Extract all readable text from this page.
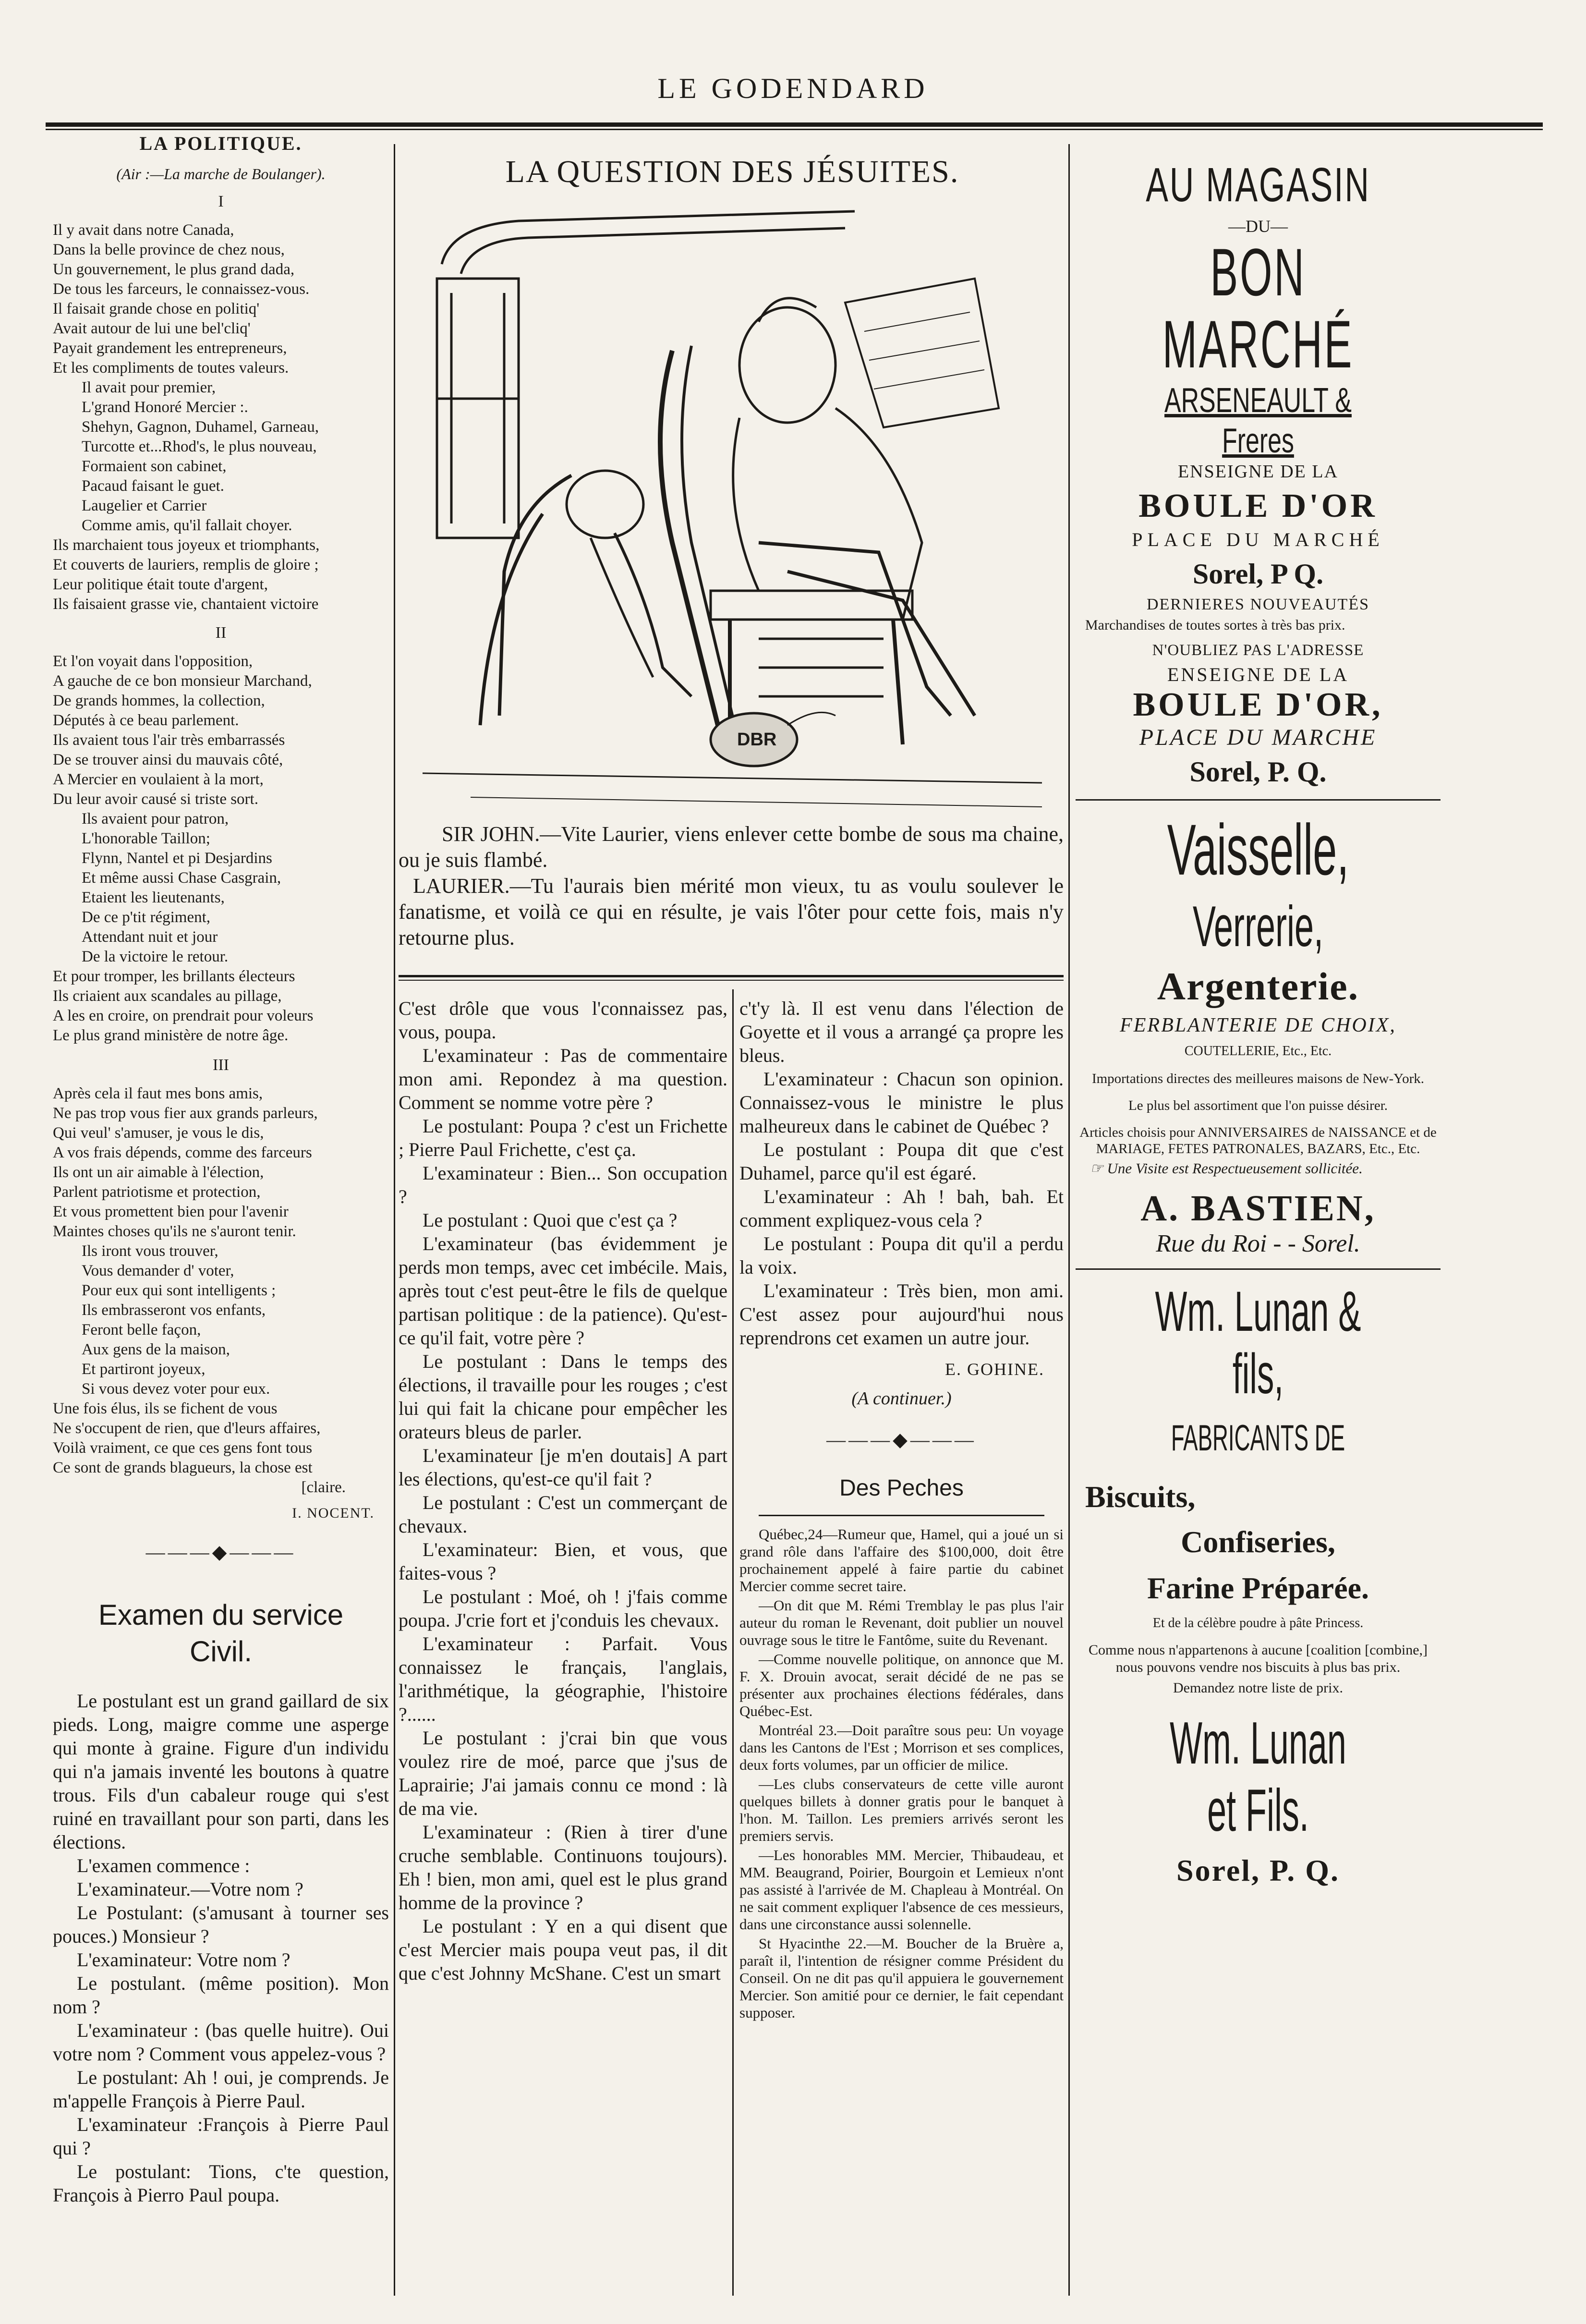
LE GODENDARD
LA POLITIQUE.
(Air :—La marche de Boulanger).
I

Il y avait dans notre Canada,

Dans la belle province de chez nous,

Un gouvernement, le plus grand dada,

De tous les farceurs, le connaissez-vous.

Il faisait grande chose en politiq'

Avait autour de lui une bel'cliq'

Payait grandement les entrepreneurs,

Et les compliments de toutes valeurs.

Il avait pour premier,

L'grand Honoré Mercier :.

Shehyn, Gagnon, Duhamel, Garneau,

Turcotte et...Rhod's, le plus nouveau,

Formaient son cabinet,

Pacaud faisant le guet.

Laugelier et Carrier

Comme amis, qu'il fallait choyer.

Ils marchaient tous joyeux et triomphants,

Et couverts de lauriers, remplis de gloire ;

Leur politique était toute d'argent,

Ils faisaient grasse vie, chantaient victoire

II

Et l'on voyait dans l'opposition,

A gauche de ce bon monsieur Marchand,

De grands hommes, la collection,

Députés à ce beau parlement.

Ils avaient tous l'air très embarrassés

De se trouver ainsi du mauvais côté,

A Mercier en voulaient à la mort,

Du leur avoir causé si triste sort.

Ils avaient pour patron,

L'honorable Taillon;

Flynn, Nantel et pi Desjardins

Et même aussi Chase Casgrain,

Etaient les lieutenants,

De ce p'tit régiment,

Attendant nuit et jour

De la victoire le retour.

Et pour tromper, les brillants électeurs

Ils criaient aux scandales au pillage,

A les en croire, on prendrait pour voleurs

Le plus grand ministère de notre âge.

III

Après cela il faut mes bons amis,

Ne pas trop vous fier aux grands parleurs,

Qui veul' s'amuser, je vous le dis,

A vos frais dépends, comme des farceurs

Ils ont un air aimable à l'élection,

Parlent patriotisme et protection,

Et vous promettent bien pour l'avenir

Maintes choses qu'ils ne s'auront tenir.

Ils iront vous trouver,

Vous demander d' voter,

Pour eux qui sont intelligents ;

Ils embrasseront vos enfants,

Feront belle façon,

Aux gens de la maison,

Et partiront joyeux,

Si vous devez voter pour eux.

Une fois élus, ils se fichent de vous

Ne s'occupent de rien, que d'leurs affaires,

Voilà vraiment, ce que ces gens font tous

Ce sont de grands blagueurs, la chose est

[claire.

I. NOCENT.
———◆———
Examen du service
Civil.

Le postulant est un grand gaillard de six pieds. Long, maigre comme une asperge qui monte à graine. Figure d'un individu qui n'a jamais inventé les boutons à quatre trous. Fils d'un cabaleur rouge qui s'est ruiné en travaillant pour son parti, dans les élections.

L'examen commence :

L'examinateur.—Votre nom ?

Le Postulant: (s'amusant à tourner ses pouces.) Monsieur ?

L'examinateur: Votre nom ?

Le postulant. (même position). Mon nom ?

L'examinateur : (bas quelle huitre). Oui votre nom ? Comment vous appelez-vous ?

Le postulant: Ah ! oui, je comprends. Je m'appelle François à Pierre Paul.

L'examinateur :François à Pierre Paul qui ?

Le postulant: Tions, c'te question, François à Pierro Paul poupa.

LA QUESTION DES JÉSUITES.
DBR

SIR JOHN.—Vite Laurier, viens enlever cette bombe de sous ma chaine, ou je suis flambé.

LAURIER.—Tu l'aurais bien mérité mon vieux, tu as voulu soulever le fanatisme, et voilà ce qui en résulte, je vais l'ôter pour cette fois, mais n'y retourne plus.

C'est drôle que vous l'connaissez pas, vous, poupa.

L'examinateur : Pas de commentaire mon ami. Repondez à ma question. Comment se nomme votre père ?

Le postulant: Poupa ? c'est un Frichette ; Pierre Paul Frichette, c'est ça.

L'examinateur : Bien... Son occupation ?

Le postulant : Quoi que c'est ça ?

L'examinateur (bas évidemment je perds mon temps, avec cet imbécile. Mais, après tout c'est peut-être le fils de quelque partisan politique : de la patience). Qu'est-ce qu'il fait, votre père ?

Le postulant : Dans le temps des élections, il travaille pour les rouges ; c'est lui qui fait la chicane pour empêcher les orateurs bleus de parler.

L'examinateur [je m'en doutais] A part les élections, qu'est-ce qu'il fait ?

Le postulant : C'est un commerçant de chevaux.

L'examinateur: Bien, et vous, que faites-vous ?

Le postulant : Moé, oh ! j'fais comme poupa. J'crie fort et j'conduis les chevaux.

L'examinateur : Parfait. Vous connaissez le français, l'anglais, l'arithmétique, la géographie, l'histoire ?......

Le postulant : j'crai bin que vous voulez rire de moé, parce que j'sus de Laprairie; J'ai jamais connu ce mond : là de ma vie.

L'examinateur : (Rien à tirer d'une cruche semblable. Continuons toujours). Eh ! bien, mon ami, quel est le plus grand homme de la province ?

Le postulant : Y en a qui disent que c'est Mercier mais poupa veut pas, il dit que c'est Johnny McShane. C'est un smart

c't'y là. Il est venu dans l'élection de Goyette et il vous a arrangé ça propre les bleus.

L'examinateur : Chacun son opinion. Connaissez-vous le ministre le plus malheureux dans le cabinet de Québec ?

Le postulant : Poupa dit que c'est Duhamel, parce qu'il est égaré.

L'examinateur : Ah ! bah, bah. Et comment expliquez-vous cela ?

Le postulant : Poupa dit qu'il a perdu la voix.

L'examinateur : Très bien, mon ami. C'est assez pour aujourd'hui nous reprendrons cet examen un autre jour.

E. GOHINE.
(A continuer.)
———◆———
Des Peches

Québec,24—Rumeur que, Hamel, qui a joué un si grand rôle dans l'affaire des $100,000, doit être prochainement appelé à faire partie du cabinet Mercier comme secret taire.

—On dit que M. Rémi Tremblay le pas plus l'air auteur du roman le Revenant, doit publier un nouvel ouvrage sous le titre le Fantôme, suite du Revenant.

—Comme nouvelle politique, on annonce que M. F. X. Drouin avocat, serait décidé de ne pas se présenter aux prochaines élections fédérales, dans Québec-Est.

Montréal 23.—Doit paraître sous peu: Un voyage dans les Cantons de l'Est ; Morrison et ses complices, deux forts volumes, par un officier de milice.

—Les clubs conservateurs de cette ville auront quelques billets à donner gratis pour le banquet à l'hon. M. Taillon. Les premiers arrivés seront les premiers servis.

—Les honorables MM. Mercier, Thibaudeau, et MM. Beaugrand, Poirier, Bourgoin et Lemieux n'ont pas assisté à l'arrivée de M. Chapleau à Montréal. On ne sait comment expliquer l'absence de ces messieurs, dans une circonstance aussi solennelle.

St Hyacinthe 22.—M. Boucher de la Bruère a, paraît il, l'intention de résigner comme Président du Conseil. On ne dit pas qu'il appuiera le gouvernement Mercier. Son amitié pour ce dernier, le fait cependant supposer.

AU MAGASIN
—DU—
BON MARCHÉ
ARSENEAULT & Freres
ENSEIGNE DE LA
BOULE D'OR
PLACE DU MARCHÉ
Sorel, P Q.
DERNIERES NOUVEAUTÉS
Marchandises de toutes sortes à très bas prix.
N'OUBLIEZ PAS L'ADRESSE
ENSEIGNE DE LA
BOULE D'OR,
PLACE DU MARCHE
Sorel, P. Q.
Vaisselle,
Verrerie,
Argenterie.
FERBLANTERIE DE CHOIX,
COUTELLERIE, Etc., Etc.
Importations directes des meilleures maisons de New-York.
Le plus bel assortiment que l'on puisse désirer.
Articles choisis pour ANNIVERSAIRES de NAISSANCE et de MARIAGE, FETES PATRONALES, BAZARS, Etc., Etc.
☞ Une Visite est Respectueusement sollicitée.
A. BASTIEN,
Rue du Roi - - Sorel.
Wm. Lunan & fils,
FABRICANTS DE
Biscuits,
Confiseries,
Farine Préparée.
Et de la célèbre poudre à pâte Princess.
Comme nous n'appartenons à aucune [coalition [combine,] nous pouvons vendre nos biscuits à plus bas prix.
Demandez notre liste de prix.
Wm. Lunan et Fils.
Sorel, P. Q.
